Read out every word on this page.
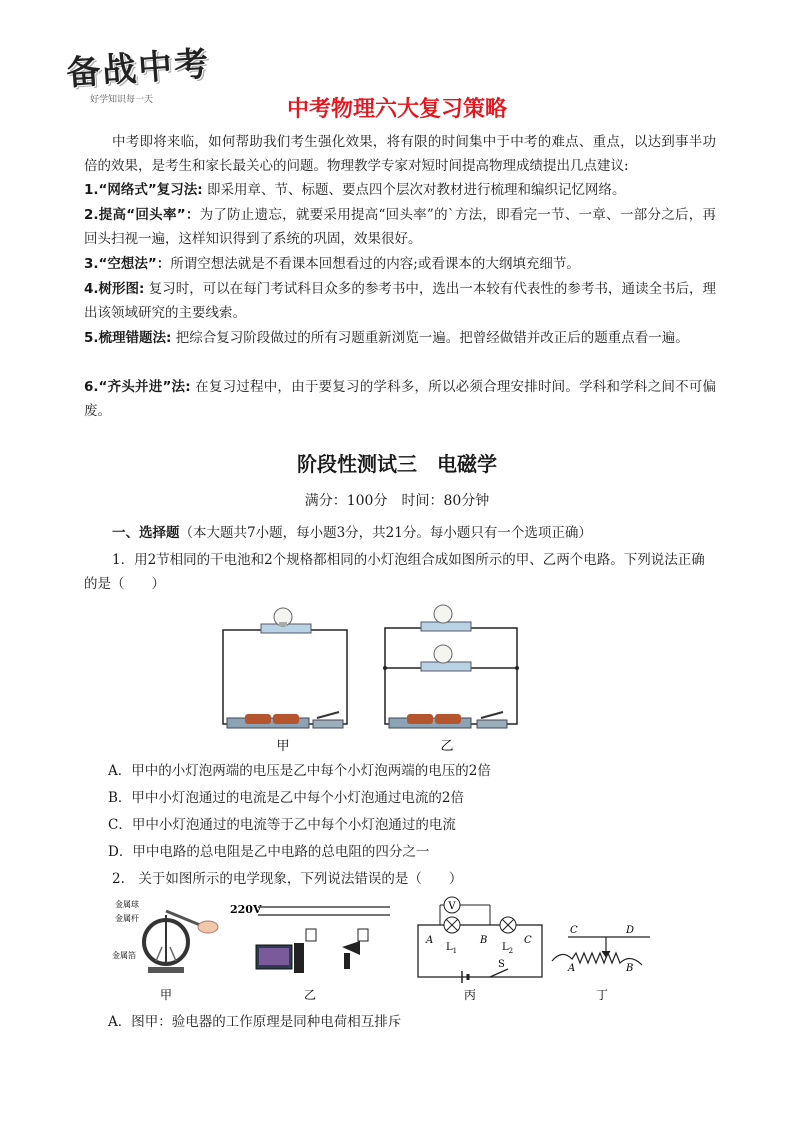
备战中考
好学知识每一天	中考物理六大复习策略
中考即将来临，如何帮助我们考生强化效果，将有限的时间集中于中考的难点、重点，以达到事半功倍的效果，是考生和家长最关心的问题。物理教学专家对短时间提高物理成绩提出几点建议:
1.“网络式”复习法: 即采用章、节、标题、要点四个层次对教材进行梳理和编织记忆网络。
2.提高“回头率”：为了防止遗忘，就要采用提高“回头率”的`方法，即看完一节、一章、一部分之后，再回头扫视一遍，这样知识得到了系统的巩固，效果很好。
3.“空想法”：所谓空想法就是不看课本回想看过的内容;或看课本的大纲填充细节。
4.树形图: 复习时，可以在每门考试科目众多的参考书中，选出一本较有代表性的参考书，通读全书后，理出该领域研究的主要线索。
5.梳理错题法: 把综合复习阶段做过的所有习题重新浏览一遍。把曾经做错并改正后的题重点看一遍。
6.“齐头并进”法: 在复习过程中，由于要复习的学科多，所以必须合理安排时间。学科和学科之间不可偏废。
阶段性测试三　电磁学
满分：100分　时间：80分钟
一、选择题（本大题共7小题，每小题3分，共21分。每小题只有一个选项正确）
1．用2节相同的干电池和2个规格都相同的小灯泡组合成如图所示的甲、乙两个电路。下列说法正确的是（　　）
甲	乙
A．甲中的小灯泡两端的电压是乙中每个小灯泡两端的电压的2倍
B．甲中小灯泡通过的电流是乙中每个小灯泡通过电流的2倍
C．甲中小灯泡通过的电流等于乙中每个小灯泡通过的电流
D．甲中电路的总电阻是乙中电路的总电阻的四分之一
2.　关于如图所示的电学现象，下列说法错误的是（　　）
金属球
金属杆
金属箔
甲
220V
乙
V
A	B	C
$L_1$	$L_2$
S
丙
C	D
A	B
丁
A．图甲：验电器的工作原理是同种电荷相互排斥
